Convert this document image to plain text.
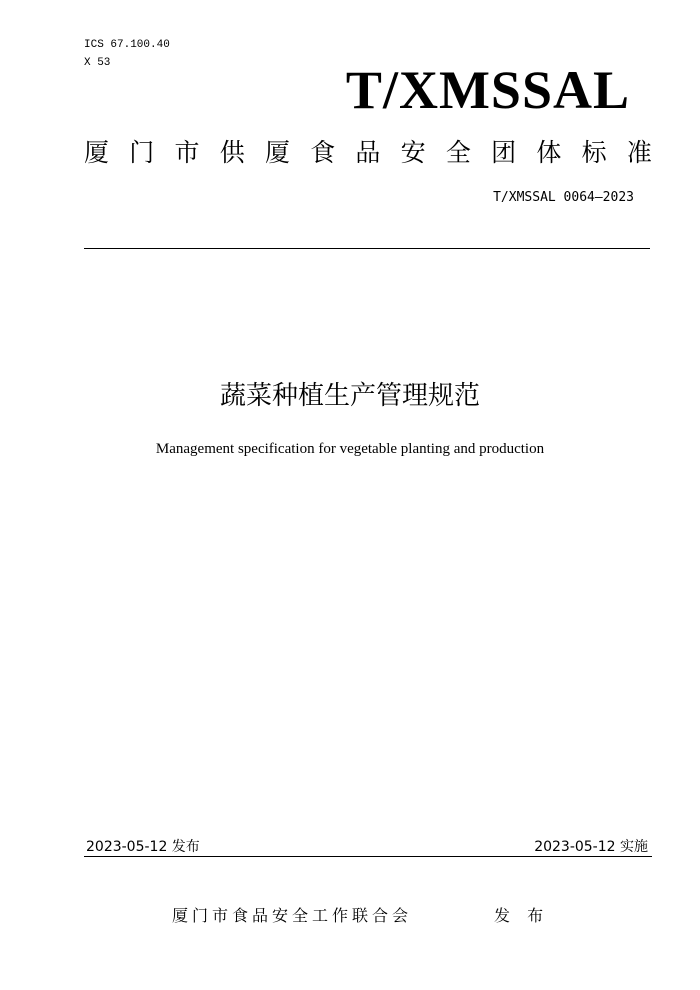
ICS 67.100.40
X 53	T/XMSSAL
厦 门 市 供 厦 食 品 安 全 团 体 标 准
T/XMSSAL 0064—2023
蔬菜种植生产管理规范
Management specification for vegetable planting and production
2023-05-12 发布	2023-05-12 实施
厦门市食品安全工作联合会	发 布
